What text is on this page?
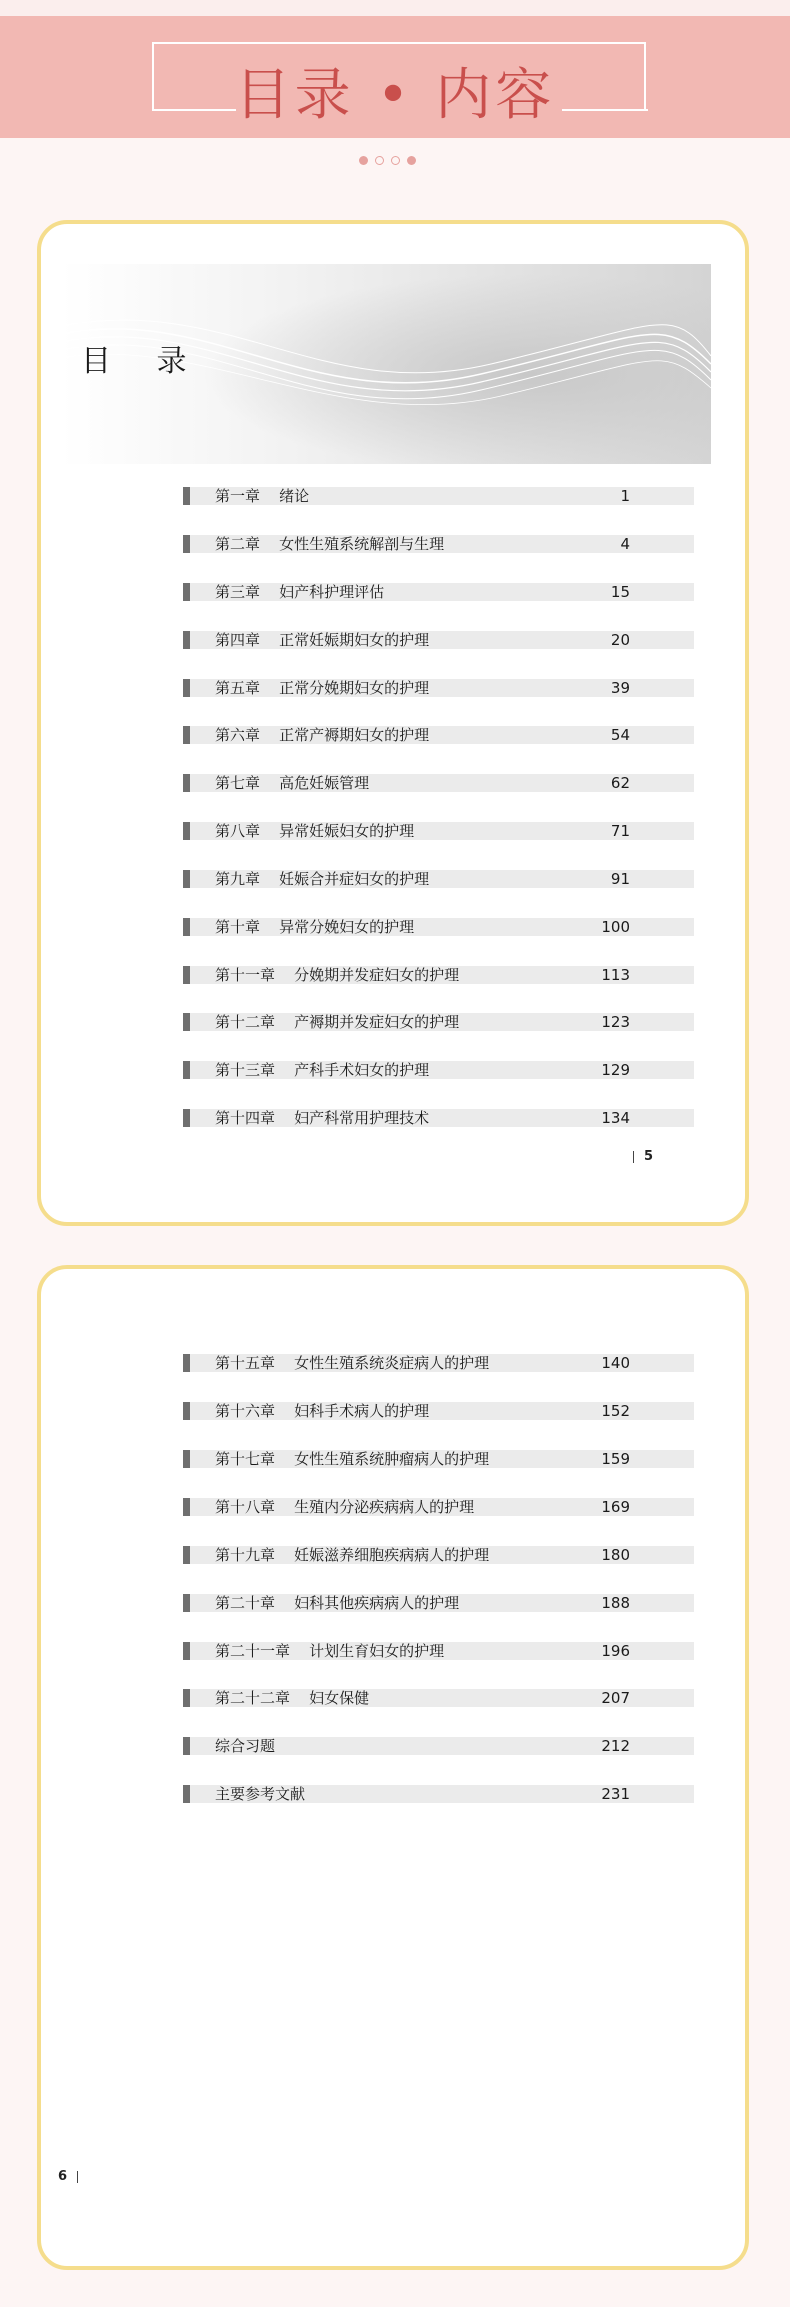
目录 • 内容
目 录
第一章    绪论	1
第二章    女性生殖系统解剖与生理	4
第三章    妇产科护理评估	15
第四章    正常妊娠期妇女的护理	20
第五章    正常分娩期妇女的护理	39
第六章    正常产褥期妇女的护理	54
第七章    高危妊娠管理	62
第八章    异常妊娠妇女的护理	71
第九章    妊娠合并症妇女的护理	91
第十章    异常分娩妇女的护理	100
第十一章    分娩期并发症妇女的护理	113
第十二章    产褥期并发症妇女的护理	123
第十三章    产科手术妇女的护理	129
第十四章    妇产科常用护理技术	134
5
第十五章    女性生殖系统炎症病人的护理	140
第十六章    妇科手术病人的护理	152
第十七章    女性生殖系统肿瘤病人的护理	159
第十八章    生殖内分泌疾病病人的护理	169
第十九章    妊娠滋养细胞疾病病人的护理	180
第二十章    妇科其他疾病病人的护理	188
第二十一章    计划生育妇女的护理	196
第二十二章    妇女保健	207
综合习题	212
主要参考文献	231
6
